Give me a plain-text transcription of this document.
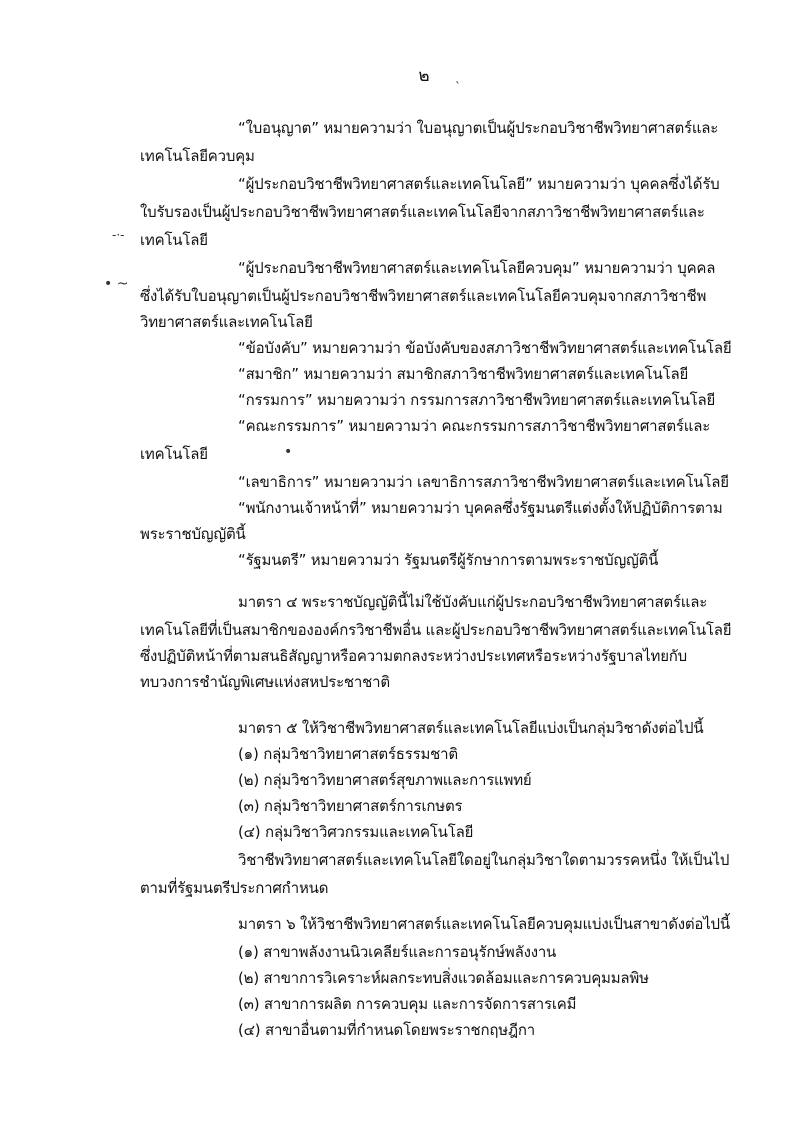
๒
`
-·-
• ~
•
“ใบอนุญาต” หมายความว่า ใบอนุญาตเป็นผู้ประกอบวิชาชีพวิทยาศาสตร์และ
เทคโนโลยีควบคุม
“ผู้ประกอบวิชาชีพวิทยาศาสตร์และเทคโนโลยี” หมายความว่า บุคคลซึ่งได้รับ
ใบรับรองเป็นผู้ประกอบวิชาชีพวิทยาศาสตร์และเทคโนโลยีจากสภาวิชาชีพวิทยาศาสตร์และ
เทคโนโลยี
“ผู้ประกอบวิชาชีพวิทยาศาสตร์และเทคโนโลยีควบคุม” หมายความว่า บุคคล
ซึ่งได้รับใบอนุญาตเป็นผู้ประกอบวิชาชีพวิทยาศาสตร์และเทคโนโลยีควบคุมจากสภาวิชาชีพ
วิทยาศาสตร์และเทคโนโลยี
“ข้อบังคับ” หมายความว่า ข้อบังคับของสภาวิชาชีพวิทยาศาสตร์และเทคโนโลยี
“สมาชิก” หมายความว่า สมาชิกสภาวิชาชีพวิทยาศาสตร์และเทคโนโลยี
“กรรมการ” หมายความว่า กรรมการสภาวิชาชีพวิทยาศาสตร์และเทคโนโลยี
“คณะกรรมการ” หมายความว่า คณะกรรมการสภาวิชาชีพวิทยาศาสตร์และ
เทคโนโลยี
“เลขาธิการ” หมายความว่า เลขาธิการสภาวิชาชีพวิทยาศาสตร์และเทคโนโลยี
“พนักงานเจ้าหน้าที่” หมายความว่า บุคคลซึ่งรัฐมนตรีแต่งตั้งให้ปฏิบัติการตาม
พระราชบัญญัตินี้
“รัฐมนตรี” หมายความว่า รัฐมนตรีผู้รักษาการตามพระราชบัญญัตินี้
มาตรา ๔ พระราชบัญญัตินี้ไม่ใช้บังคับแก่ผู้ประกอบวิชาชีพวิทยาศาสตร์และ
เทคโนโลยีที่เป็นสมาชิกขององค์กรวิชาชีพอื่น และผู้ประกอบวิชาชีพวิทยาศาสตร์และเทคโนโลยี
ซึ่งปฏิบัติหน้าที่ตามสนธิสัญญาหรือความตกลงระหว่างประเทศหรือระหว่างรัฐบาลไทยกับ
ทบวงการชำนัญพิเศษแห่งสหประชาชาติ
มาตรา ๕ ให้วิชาชีพวิทยาศาสตร์และเทคโนโลยีแบ่งเป็นกลุ่มวิชาดังต่อไปนี้
(๑) กลุ่มวิชาวิทยาศาสตร์ธรรมชาติ
(๒) กลุ่มวิชาวิทยาศาสตร์สุขภาพและการแพทย์
(๓) กลุ่มวิชาวิทยาศาสตร์การเกษตร
(๔) กลุ่มวิชาวิศวกรรมและเทคโนโลยี
วิชาชีพวิทยาศาสตร์และเทคโนโลยีใดอยู่ในกลุ่มวิชาใดตามวรรคหนึ่ง ให้เป็นไป
ตามที่รัฐมนตรีประกาศกำหนด
มาตรา ๖ ให้วิชาชีพวิทยาศาสตร์และเทคโนโลยีควบคุมแบ่งเป็นสาขาดังต่อไปนี้
(๑) สาขาพลังงานนิวเคลียร์และการอนุรักษ์พลังงาน
(๒) สาขาการวิเคราะห์ผลกระทบสิ่งแวดล้อมและการควบคุมมลพิษ
(๓) สาขาการผลิต การควบคุม และการจัดการสารเคมี
(๔) สาขาอื่นตามที่กำหนดโดยพระราชกฤษฎีกา
